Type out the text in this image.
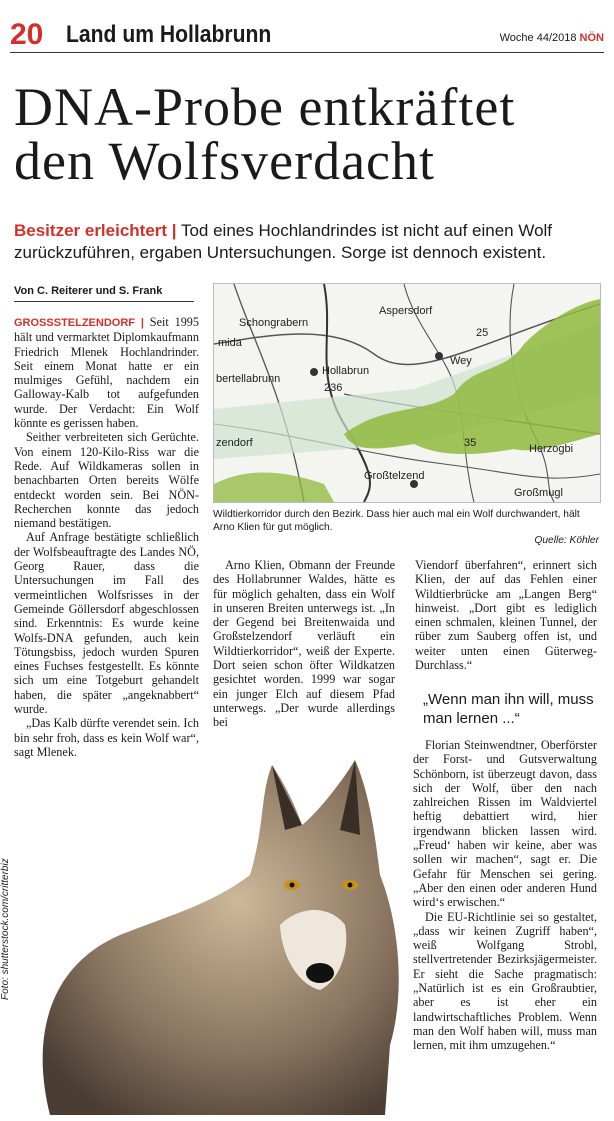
20 Land um Hollabrunn	Woche 44/2018 NÖN
DNA-Probe entkräftet
den Wolfsverdacht
Besitzer erleichtert | Tod eines Hochlandrindes ist nicht auf einen Wolf zurückzuführen, ergaben Untersuchungen. Sorge ist dennoch existent.
Von C. Reiterer und S. Frank

GROSSSTELZENDORF | Seit 1995 hält und vermarktet Diplomkaufmann Friedrich Mlenek Hochlandrinder. Seit einem Monat hatte er ein mulmiges Gefühl, nachdem ein Galloway-Kalb tot aufgefunden wurde. Der Verdacht: Ein Wolf könnte es gerissen haben.

Seither verbreiteten sich Gerüchte. Von einem 120-Kilo-Riss war die Rede. Auf Wildkameras sollen in benachbarten Orten bereits Wölfe entdeckt worden sein. Bei NÖN-Recherchen konnte das jedoch niemand bestätigen.

Auf Anfrage bestätigte schließlich der Wolfsbeauftragte des Landes NÖ, Georg Rauer, dass die Untersuchungen im Fall des vermeintlichen Wolfsrisses in der Gemeinde Göllersdorf abgeschlossen sind. Erkenntnis: Es wurde keine Wolfs-DNA gefunden, auch kein Tötungsbiss, jedoch wurden Spuren eines Fuchses festgestellt. Es könnte sich um eine Totgeburt gehandelt haben, die später „angeknabbert“ wurde.

„Das Kalb dürfte verendet sein. Ich bin sehr froh, dass es kein Wolf war“, sagt Mlenek.

Schongrabern
Aspersdorf
mida
bertellabrunn
Hollabrun
Wey
Herzogbi
zendorf
Großtelzend
Großmugl
25
236
35
Wildtierkorridor durch den Bezirk. Dass hier auch mal ein Wolf durchwandert, hält Arno Klien für gut möglich.

Quelle: Köhler

Arno Klien, Obmann der Freunde des Hollabrunner Waldes, hätte es für möglich gehalten, dass ein Wolf in unseren Breiten unterwegs ist. „In der Gegend bei Breitenwaida und Großstelzendorf verläuft ein Wildtierkorridor“, weiß der Experte. Dort seien schon öfter Wildkatzen gesichtet worden. 1999 war sogar ein junger Elch auf diesem Pfad unterwegs. „Der wurde allerdings bei

Viendorf überfahren“, erinnert sich Klien, der auf das Fehlen einer Wildtierbrücke am „Langen Berg“ hinweist. „Dort gibt es lediglich einen schmalen, kleinen Tunnel, der rüber zum Sauberg offen ist, und weiter unten einen Güterweg-Durchlass.“

„Wenn man ihn will, muss man lernen ...“

Florian Steinwendtner, Oberförster der Forst- und Gutsverwaltung Schönborn, ist überzeugt davon, dass sich der Wolf, über den nach zahlreichen Rissen im Waldviertel heftig debattiert wird, hier irgendwann blicken lassen wird. „Freud‘ haben wir keine, aber was sollen wir machen“, sagt er. Die Gefahr für Menschen sei gering. „Aber den einen oder anderen Hund wird‘s erwischen.“

Die EU-Richtlinie sei so gestaltet, „dass wir keinen Zugriff haben“, weiß Wolfgang Strobl, stellvertretender Bezirksjägermeister. Er sieht die Sache pragmatisch: „Natürlich ist es ein Großraubtier, aber es ist eher ein landwirtschaftliches Problem. Wenn man den Wolf haben will, muss man lernen, mit ihm umzugehen.“

Foto: shutterstock.com/critterbiz
